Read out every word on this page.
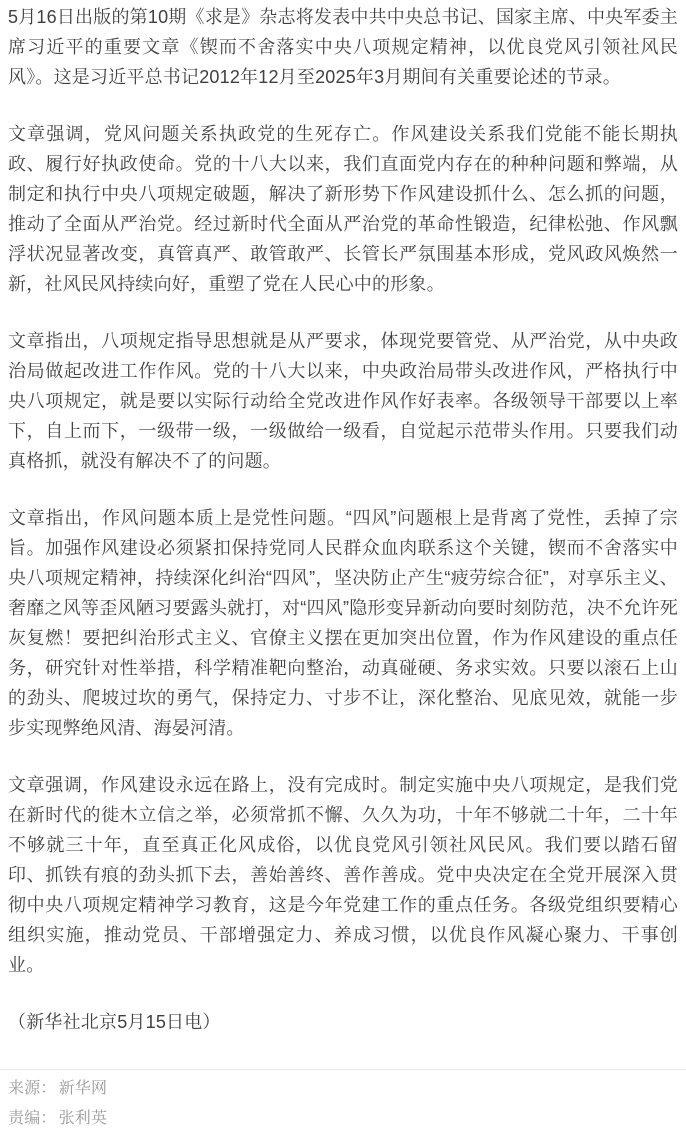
5月16日出版的第10期《求是》杂志将发表中共中央总书记、国家主席、中央军委主席习近平的重要文章《锲而不舍落实中央八项规定精神，以优良党风引领社风民风》。这是习近平总书记2012年12月至2025年3月期间有关重要论述的节录。

文章强调，党风问题关系执政党的生死存亡。作风建设关系我们党能不能长期执政、履行好执政使命。党的十八大以来，我们直面党内存在的种种问题和弊端，从制定和执行中央八项规定破题，解决了新形势下作风建设抓什么、怎么抓的问题，推动了全面从严治党。经过新时代全面从严治党的革命性锻造，纪律松弛、作风飘浮状况显著改变，真管真严、敢管敢严、长管长严氛围基本形成，党风政风焕然一新，社风民风持续向好，重塑了党在人民心中的形象。

文章指出，八项规定指导思想就是从严要求，体现党要管党、从严治党，从中央政治局做起改进工作作风。党的十八大以来，中央政治局带头改进作风，严格执行中央八项规定，就是要以实际行动给全党改进作风作好表率。各级领导干部要以上率下，自上而下，一级带一级，一级做给一级看，自觉起示范带头作用。只要我们动真格抓，就没有解决不了的问题。

文章指出，作风问题本质上是党性问题。“四风”问题根上是背离了党性，丢掉了宗旨。加强作风建设必须紧扣保持党同人民群众血肉联系这个关键，锲而不舍落实中央八项规定精神，持续深化纠治“四风”，坚决防止产生“疲劳综合征”，对享乐主义、奢靡之风等歪风陋习要露头就打，对“四风”隐形变异新动向要时刻防范，决不允许死灰复燃！要把纠治形式主义、官僚主义摆在更加突出位置，作为作风建设的重点任务，研究针对性举措，科学精准靶向整治，动真碰硬、务求实效。只要以滚石上山的劲头、爬坡过坎的勇气，保持定力、寸步不让，深化整治、见底见效，就能一步步实现弊绝风清、海晏河清。

文章强调，作风建设永远在路上，没有完成时。制定实施中央八项规定，是我们党在新时代的徙木立信之举，必须常抓不懈、久久为功，十年不够就二十年，二十年不够就三十年，直至真正化风成俗，以优良党风引领社风民风。我们要以踏石留印、抓铁有痕的劲头抓下去，善始善终、善作善成。党中央决定在全党开展深入贯彻中央八项规定精神学习教育，这是今年党建工作的重点任务。各级党组织要精心组织实施，推动党员、干部增强定力、养成习惯，以优良作风凝心聚力、干事创业。

（新华社北京5月15日电）

来源： 新华网
责编： 张利英
